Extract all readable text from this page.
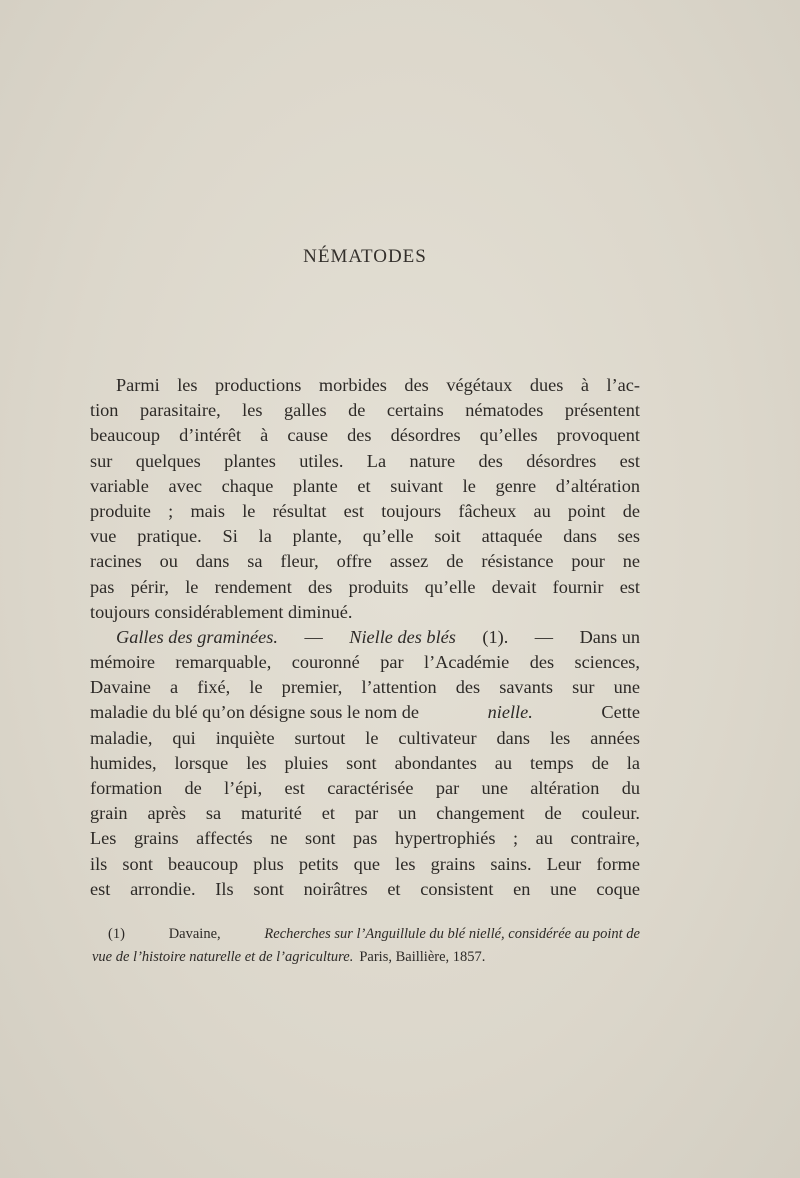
NÉMATODES
Parmi les productions morbides des végétaux dues à l’ac-
tion parasitaire, les galles de certains nématodes présentent
beaucoup d’intérêt à cause des désordres qu’elles provoquent
sur quelques plantes utiles. La nature des désordres est
variable avec chaque plante et suivant le genre d’altération
produite ; mais le résultat est toujours fâcheux au point de
vue pratique. Si la plante, qu’elle soit attaquée dans ses
racines ou dans sa fleur, offre assez de résistance pour ne
pas périr, le rendement des produits qu’elle devait fournir est
toujours considérablement diminué.
Galles des graminées. — Nielle des blés (1). — Dans un
mémoire remarquable, couronné par l’Académie des sciences,
Davaine a fixé, le premier, l’attention des savants sur une
maladie du blé qu’on désigne sous le nom de	nielle.	Cette
maladie, qui inquiète surtout le cultivateur dans les années
humides, lorsque les pluies sont abondantes au temps de la
formation de l’épi, est caractérisée par une altération du
grain après sa maturité et par un changement de couleur.
Les grains affectés ne sont pas hypertrophiés ; au contraire,
ils sont beaucoup plus petits que les grains sains. Leur forme
est arrondie. Ils sont noirâtres et consistent en une coque
(1)	Davaine,	Recherches sur l’Anguillule du blé niellé, considérée au point de
vue de l’histoire naturelle et de l’agriculture. Paris, Baillière, 1857.
